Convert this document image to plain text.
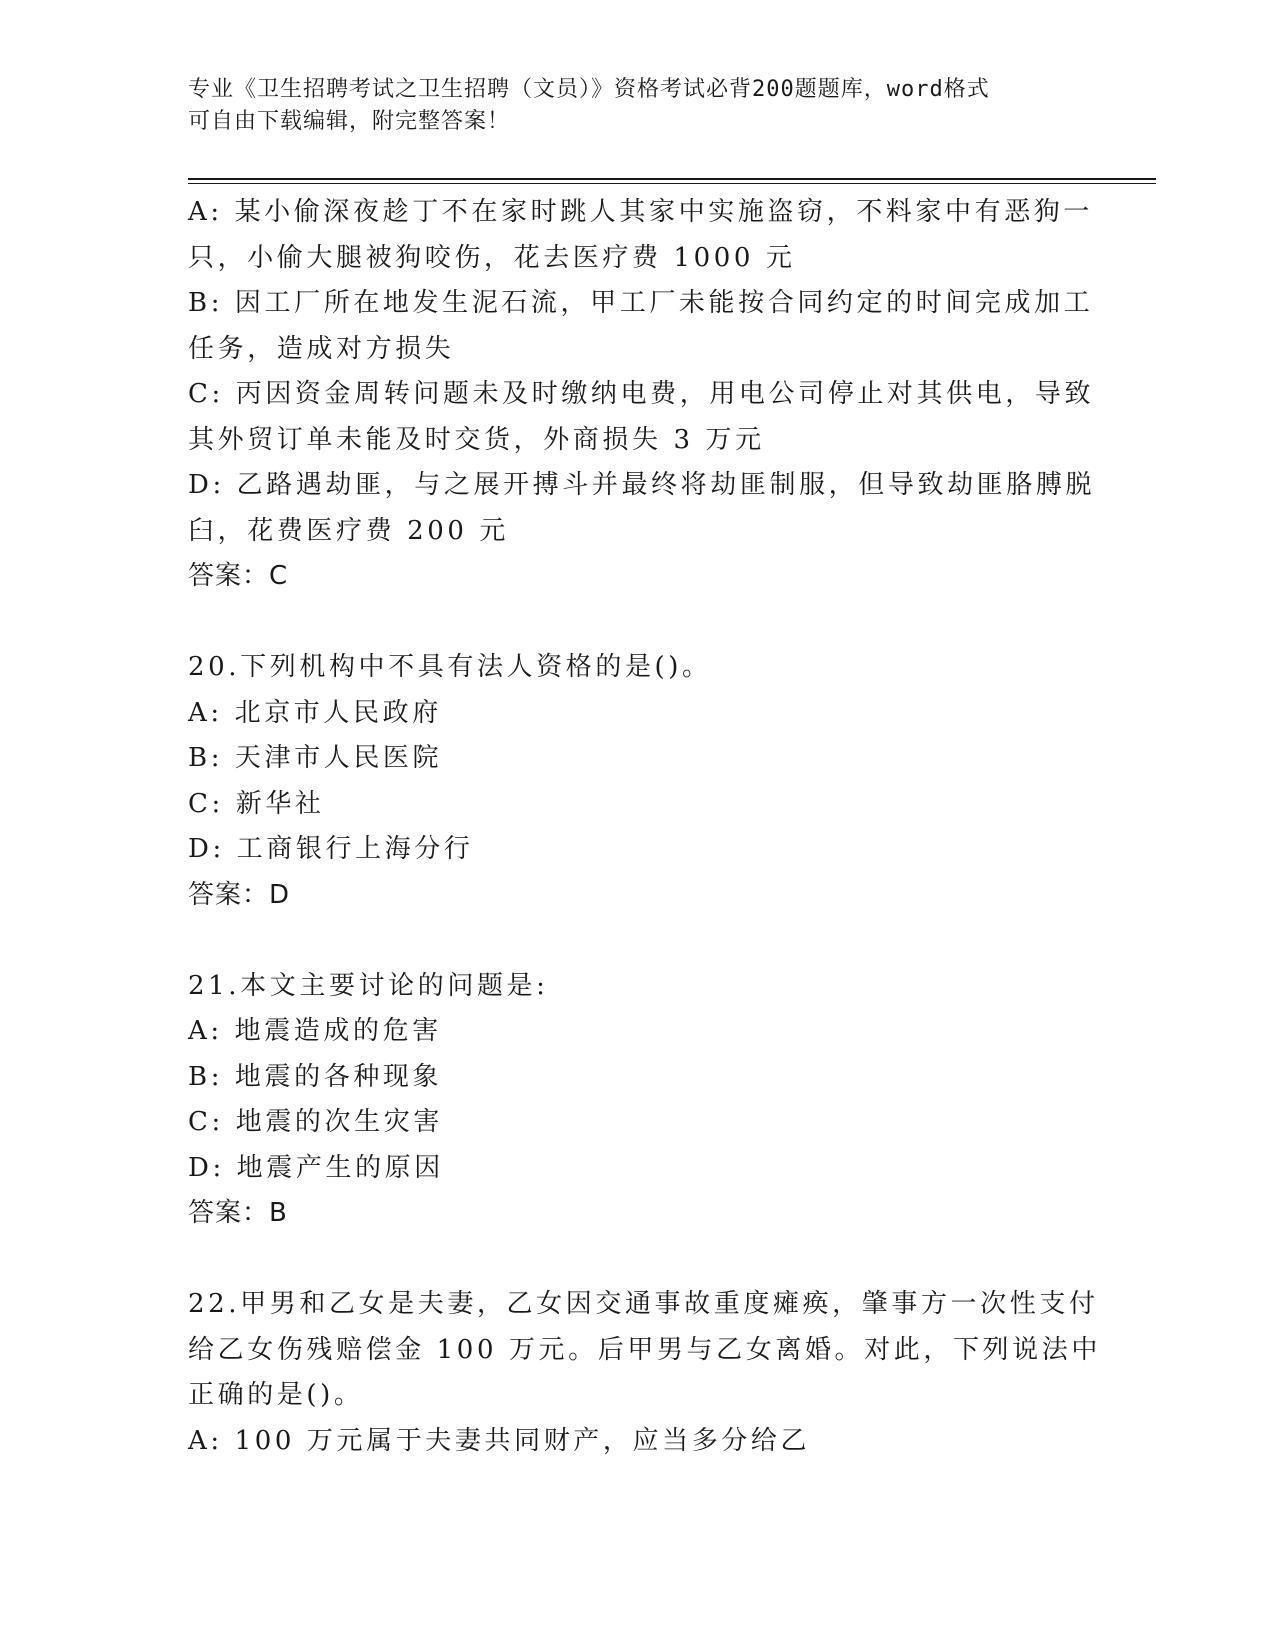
专业《卫生招聘考试之卫生招聘（文员）》资格考试必背200题题库，word格式
可自由下载编辑，附完整答案！
A: 某小偷深夜趁丁不在家时跳人其家中实施盗窃，不料家中有恶狗一
只，小偷大腿被狗咬伤，花去医疗费 1000 元
B: 因工厂所在地发生泥石流，甲工厂未能按合同约定的时间完成加工
任务，造成对方损失
C: 丙因资金周转问题未及时缴纳电费，用电公司停止对其供电，导致
其外贸订单未能及时交货，外商损失 3 万元
D: 乙路遇劫匪，与之展开搏斗并最终将劫匪制服，但导致劫匪胳膊脱
臼，花费医疗费 200 元
答案：C
20.下列机构中不具有法人资格的是()。
A: 北京市人民政府
B: 天津市人民医院
C: 新华社
D: 工商银行上海分行
答案：D
21.本文主要讨论的问题是:
A: 地震造成的危害
B: 地震的各种现象
C: 地震的次生灾害
D: 地震产生的原因
答案：B
22.甲男和乙女是夫妻，乙女因交通事故重度瘫痪，肇事方一次性支付
给乙女伤残赔偿金 100 万元。后甲男与乙女离婚。对此，下列说法中
正确的是()。
A: 100 万元属于夫妻共同财产，应当多分给乙
